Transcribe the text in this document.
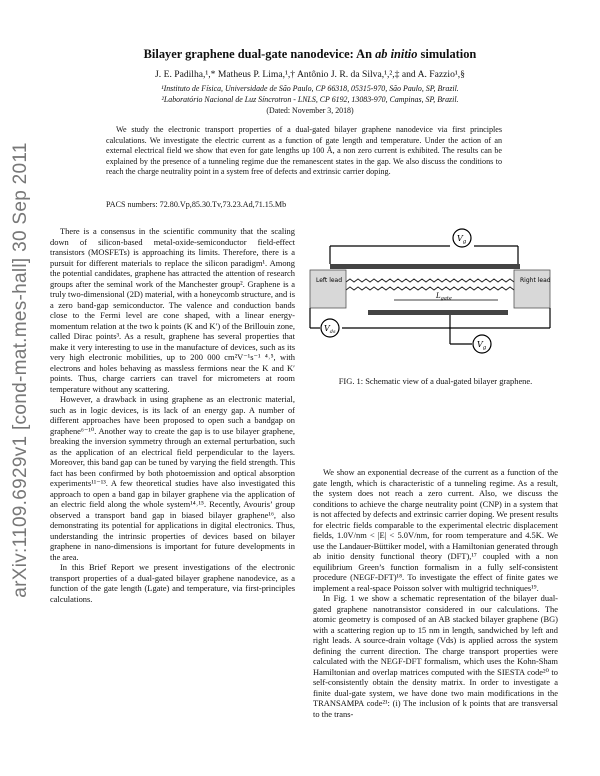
arXiv:1109.6929v1 [cond-mat.mes-hall] 30 Sep 2011
Bilayer graphene dual-gate nanodevice: An ab initio simulation
J. E. Padilha,¹,* Matheus P. Lima,¹,† Antônio J. R. da Silva,¹,²,‡ and A. Fazzio¹,§
¹Instituto de Física, Universidade de São Paulo, CP 66318, 05315-970, São Paulo, SP, Brazil.
²Laboratório Nacional de Luz Síncrotron - LNLS, CP 6192, 13083-970, Campinas, SP, Brazil.
(Dated: November 3, 2018)
We study the electronic transport properties of a dual-gated bilayer graphene nanodevice via first principles calculations. We investigate the electric current as a function of gate length and temperature. Under the action of an external electrical field we show that even for gate lengths up 100 Å, a non zero current is exhibited. The results can be explained by the presence of a tunneling regime due the remanescent states in the gap. We also discuss the conditions to reach the charge neutrality point in a system free of defects and extrinsic carrier doping.
PACS numbers: 72.80.Vp,85.30.Tv,73.23.Ad,71.15.Mb

There is a consensus in the scientific community that the scaling down of silicon-based metal-oxide-semiconductor field-effect transistors (MOSFETs) is approaching its limits. Therefore, there is a pursuit for different materials to replace the silicon paradigm¹. Among the potential candidates, graphene has attracted the attention of research groups after the seminal work of the Manchester group². Graphene is a truly two-dimensional (2D) material, with a honeycomb structure, and is a zero band-gap semiconductor. The valence and conduction bands close to the Fermi level are cone shaped, with a linear energy-momentum relation at the two k points (K and K′) of the Brillouin zone, called Dirac points³. As a result, graphene has several properties that make it very interesting to use in the manufacture of devices, such as its very high electronic mobilities, up to 200 000 cm²V⁻¹s⁻¹ ⁴˒⁵, with electrons and holes behaving as massless fermions near the K and K′ points. Thus, charge carriers can travel for micrometers at room temperature without any scattering.

However, a drawback in using graphene as an electronic material, such as in logic devices, is its lack of an energy gap. A number of different approaches have been proposed to open such a bandgap on graphene⁶⁻¹⁰. Another way to create the gap is to use bilayer graphene, breaking the inversion symmetry through an external perturbation, such as the application of an electrical field perpendicular to the layers. Moreover, this band gap can be tuned by varying the field strength. This fact has been confirmed by both photoemission and optical absorption experiments¹¹⁻¹³. A few theoretical studies have also investigated this approach to open a band gap in bilayer graphene via the application of an electric field along the whole system¹⁴˒¹⁵. Recently, Avouris’ group observed a transport band gap in biased bilayer graphene¹⁶, also demonstrating its potential for applications in digital electronics. Thus, understanding the intrinsic properties of devices based on bilayer graphene in nano-dimensions is important for future developments in the area.

In this Brief Report we present investigations of the electronic transport properties of a dual-gated bilayer graphene nanodevice, as a function of the gate length (Lgate) and temperature, via first-principles calculations.

$V_g$
Left lead	Right lead
$L_{gate}$
$V_{ds}$
$V_g$
FIG. 1: Schematic view of a dual-gated bilayer graphene.

We show an exponential decrease of the current as a function of the gate length, which is characteristic of a tunneling regime. As a result, the system does not reach a zero current. Also, we discuss the conditions to achieve the charge neutrality point (CNP) in a system that is not affected by defects and extrinsic carrier doping. We present results for electric fields comparable to the experimental electric displacement fields, 1.0V/nm < |E| < 5.0V/nm, for room temperature and 4.5K. We use the Landauer-Büttiker model, with a Hamiltonian generated through ab initio density functional theory (DFT),¹⁷ coupled with a non equilibrium Green’s function formalism in a fully self-consistent procedure (NEGF-DFT)¹⁸. To investigate the effect of finite gates we implement a real-space Poisson solver with multigrid techniques¹⁹.

In Fig. 1 we show a schematic representation of the bilayer dual-gated graphene nanotransistor considered in our calculations. The atomic geometry is composed of an AB stacked bilayer graphene (BG) with a scattering region up to 15 nm in length, sandwiched by left and right leads. A source-drain voltage (Vds) is applied across the system defining the current direction. The charge transport properties were calculated with the NEGF-DFT formalism, which uses the Kohn-Sham Hamiltonian and overlap matrices computed with the SIESTA code²⁰ to self-consistently obtain the density matrix. In order to investigate a finite dual-gate system, we have done two main modifications in the TRANSAMPA code²¹: (i) The inclusion of k points that are transversal to the trans-
